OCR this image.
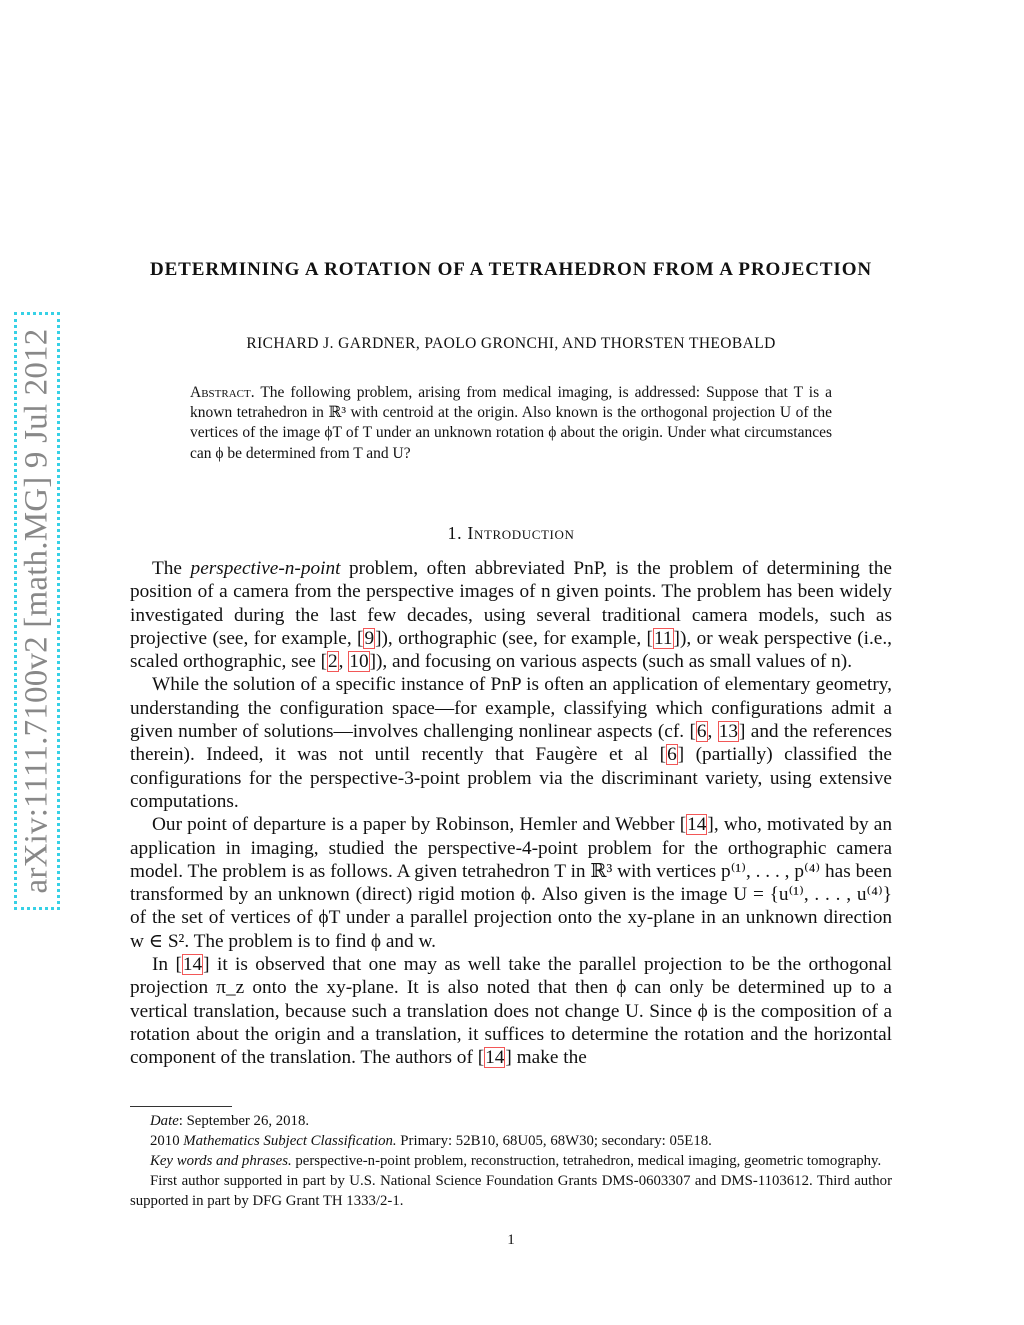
arXiv:1111.7100v2 [math.MG] 9 Jul 2012
DETERMINING A ROTATION OF A TETRAHEDRON FROM A PROJECTION
RICHARD J. GARDNER, PAOLO GRONCHI, AND THORSTEN THEOBALD
Abstract. The following problem, arising from medical imaging, is addressed: Suppose that T is a known tetrahedron in ℝ³ with centroid at the origin. Also known is the orthogonal projection U of the vertices of the image ϕT of T under an unknown rotation ϕ about the origin. Under what circumstances can ϕ be determined from T and U?
1. Introduction

The perspective-n-point problem, often abbreviated PnP, is the problem of determining the position of a camera from the perspective images of n given points. The problem has been widely investigated during the last few decades, using several traditional camera models, such as projective (see, for example, [9]), orthographic (see, for example, [11]), or weak perspective (i.e., scaled orthographic, see [2, 10]), and focusing on various aspects (such as small values of n).

While the solution of a specific instance of PnP is often an application of elementary geometry, understanding the configuration space—for example, classifying which configurations admit a given number of solutions—involves challenging nonlinear aspects (cf. [6, 13] and the references therein). Indeed, it was not until recently that Faugère et al [6] (partially) classified the configurations for the perspective-3-point problem via the discriminant variety, using extensive computations.

Our point of departure is a paper by Robinson, Hemler and Webber [14], who, motivated by an application in imaging, studied the perspective-4-point problem for the orthographic camera model. The problem is as follows. A given tetrahedron T in ℝ³ with vertices p⁽¹⁾, . . . , p⁽⁴⁾ has been transformed by an unknown (direct) rigid motion ϕ. Also given is the image U = {u⁽¹⁾, . . . , u⁽⁴⁾} of the set of vertices of ϕT under a parallel projection onto the xy-plane in an unknown direction w ∈ S². The problem is to find ϕ and w.

In [14] it is observed that one may as well take the parallel projection to be the orthogonal projection π_z onto the xy-plane. It is also noted that then ϕ can only be determined up to a vertical translation, because such a translation does not change U. Since ϕ is the composition of a rotation about the origin and a translation, it suffices to determine the rotation and the horizontal component of the translation. The authors of [14] make the

Date: September 26, 2018.

2010 Mathematics Subject Classification. Primary: 52B10, 68U05, 68W30; secondary: 05E18.

Key words and phrases. perspective-n-point problem, reconstruction, tetrahedron, medical imaging, geometric tomography.

First author supported in part by U.S. National Science Foundation Grants DMS-0603307 and DMS-1103612. Third author supported in part by DFG Grant TH 1333/2-1.

1
